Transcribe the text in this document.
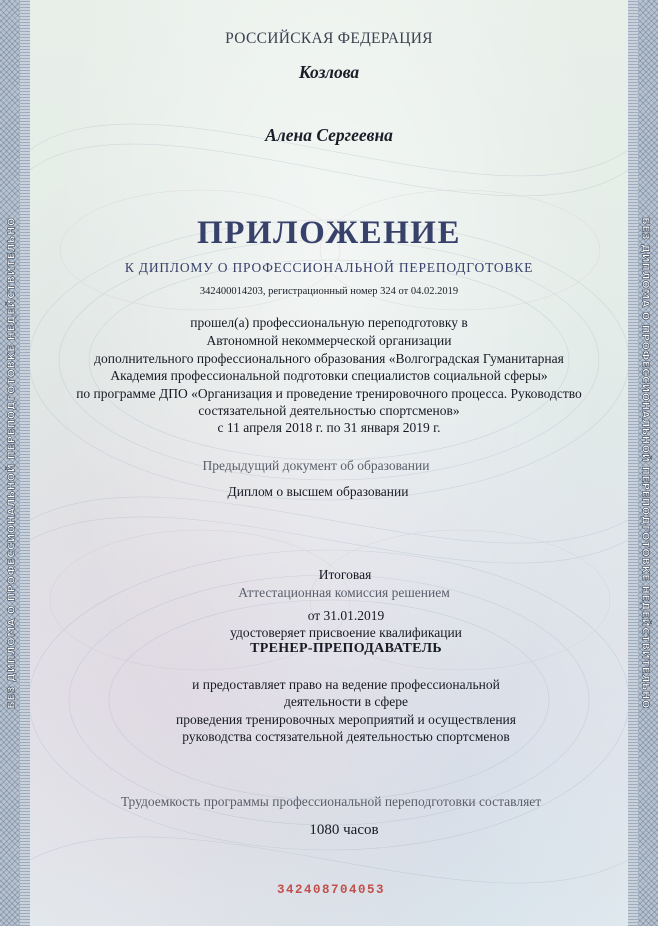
БЕЗ ДИПЛОМА О ПРОФЕССИОНАЛЬНОЙ ПЕРЕПОДГОТОВКЕ НЕДЕЙСТВИТЕЛЬНО	БЕЗ ДИПЛОМА О ПРОФЕССИОНАЛЬНОЙ ПЕРЕПОДГОТОВКЕ НЕДЕЙСТВИТЕЛЬНО
РОССИЙСКАЯ ФЕДЕРАЦИЯ
Козлова
Алена Сергеевна
ПРИЛОЖЕНИЕ
К ДИПЛОМУ О ПРОФЕССИОНАЛЬНОЙ ПЕРЕПОДГОТОВКЕ
342400014203, регистрационный номер 324 от 04.02.2019
прошел(а) профессиональную переподготовку в
Автономной некоммерческой организации
дополнительного профессионального образования «Волгоградская Гуманитарная
Академия профессиональной подготовки специалистов социальной сферы»
по программе ДПО «Организация и проведение тренировочного процесса. Руководство
состязательной деятельностью спортсменов»
с 11 апреля 2018 г. по 31 января 2019 г.
Предыдущий документ об образовании
Диплом о высшем образовании
Итоговая
Аттестационная комиссия решением
от 31.01.2019
удостоверяет присвоение квалификации
ТРЕНЕР-ПРЕПОДАВАТЕЛЬ
и предоставляет право на ведение профессиональной
деятельности в сфере
проведения тренировочных мероприятий и осуществления
руководства состязательной деятельностью спортсменов
Трудоемкость программы профессиональной переподготовки составляет
1080 часов
342408704053
